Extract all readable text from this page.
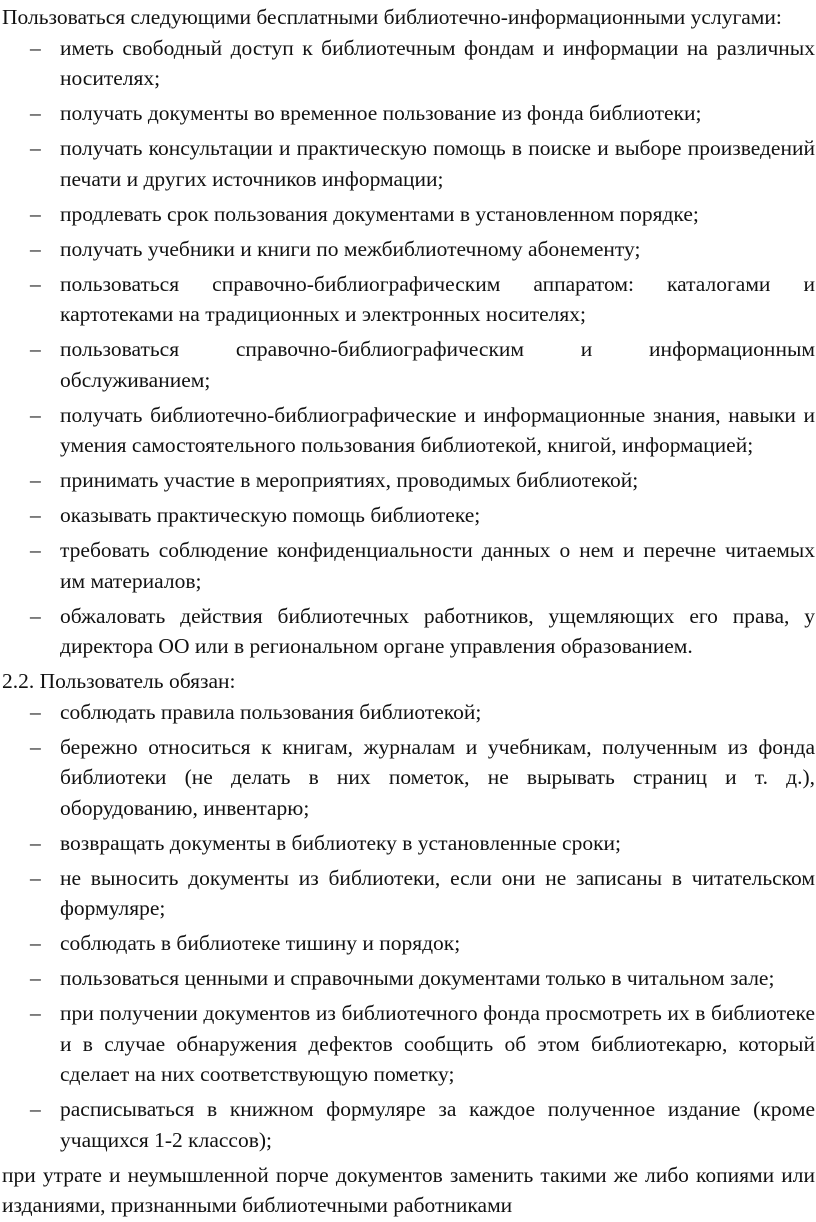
Пользоваться следующими бесплатными библиотечно-информационными услугами:

– иметь свободный доступ к библиотечным фондам и информации на различных носителях;
– получать документы во временное пользование из фонда библиотеки;
– получать консультации и практическую помощь в поиске и выборе произведений печати и других источников информации;
– продлевать срок пользования документами в установленном порядке;
– получать учебники и книги по межбиблиотечному абонементу;
– пользоваться справочно-библиографическим аппаратом: каталогами и картотеками на традиционных и электронных носителях;
– пользоваться справочно-библиографическим и информационным обслуживанием;
– получать библиотечно-библиографические и информационные знания, навыки и умения самостоятельного пользования библиотекой, книгой, информацией;
– принимать участие в мероприятиях, проводимых библиотекой;
– оказывать практическую помощь библиотеке;
– требовать соблюдение конфиденциальности данных о нем и перечне читаемых им материалов;
– обжаловать действия библиотечных работников, ущемляющих его права, у директора ОО или в региональном органе управления образованием.

2.2. Пользователь обязан:

– соблюдать правила пользования библиотекой;
– бережно относиться к книгам, журналам и учебникам, полученным из фонда библиотеки (не делать в них пометок, не вырывать страниц и т. д.), оборудованию, инвентарю;
– возвращать документы в библиотеку в установленные сроки;
– не выносить документы из библиотеки, если они не записаны в читательском формуляре;
– соблюдать в библиотеке тишину и порядок;
– пользоваться ценными и справочными документами только в читальном зале;
– при получении документов из библиотечного фонда просмотреть их в библиотеке и в случае обнаружения дефектов сообщить об этом библиотекарю, который сделает на них соответствующую пометку;
– расписываться в книжном формуляре за каждое полученное издание (кроме учащихся 1-2 классов);

при утрате и неумышленной порче документов заменить такими же либо копиями или изданиями, признанными библиотечными работниками
